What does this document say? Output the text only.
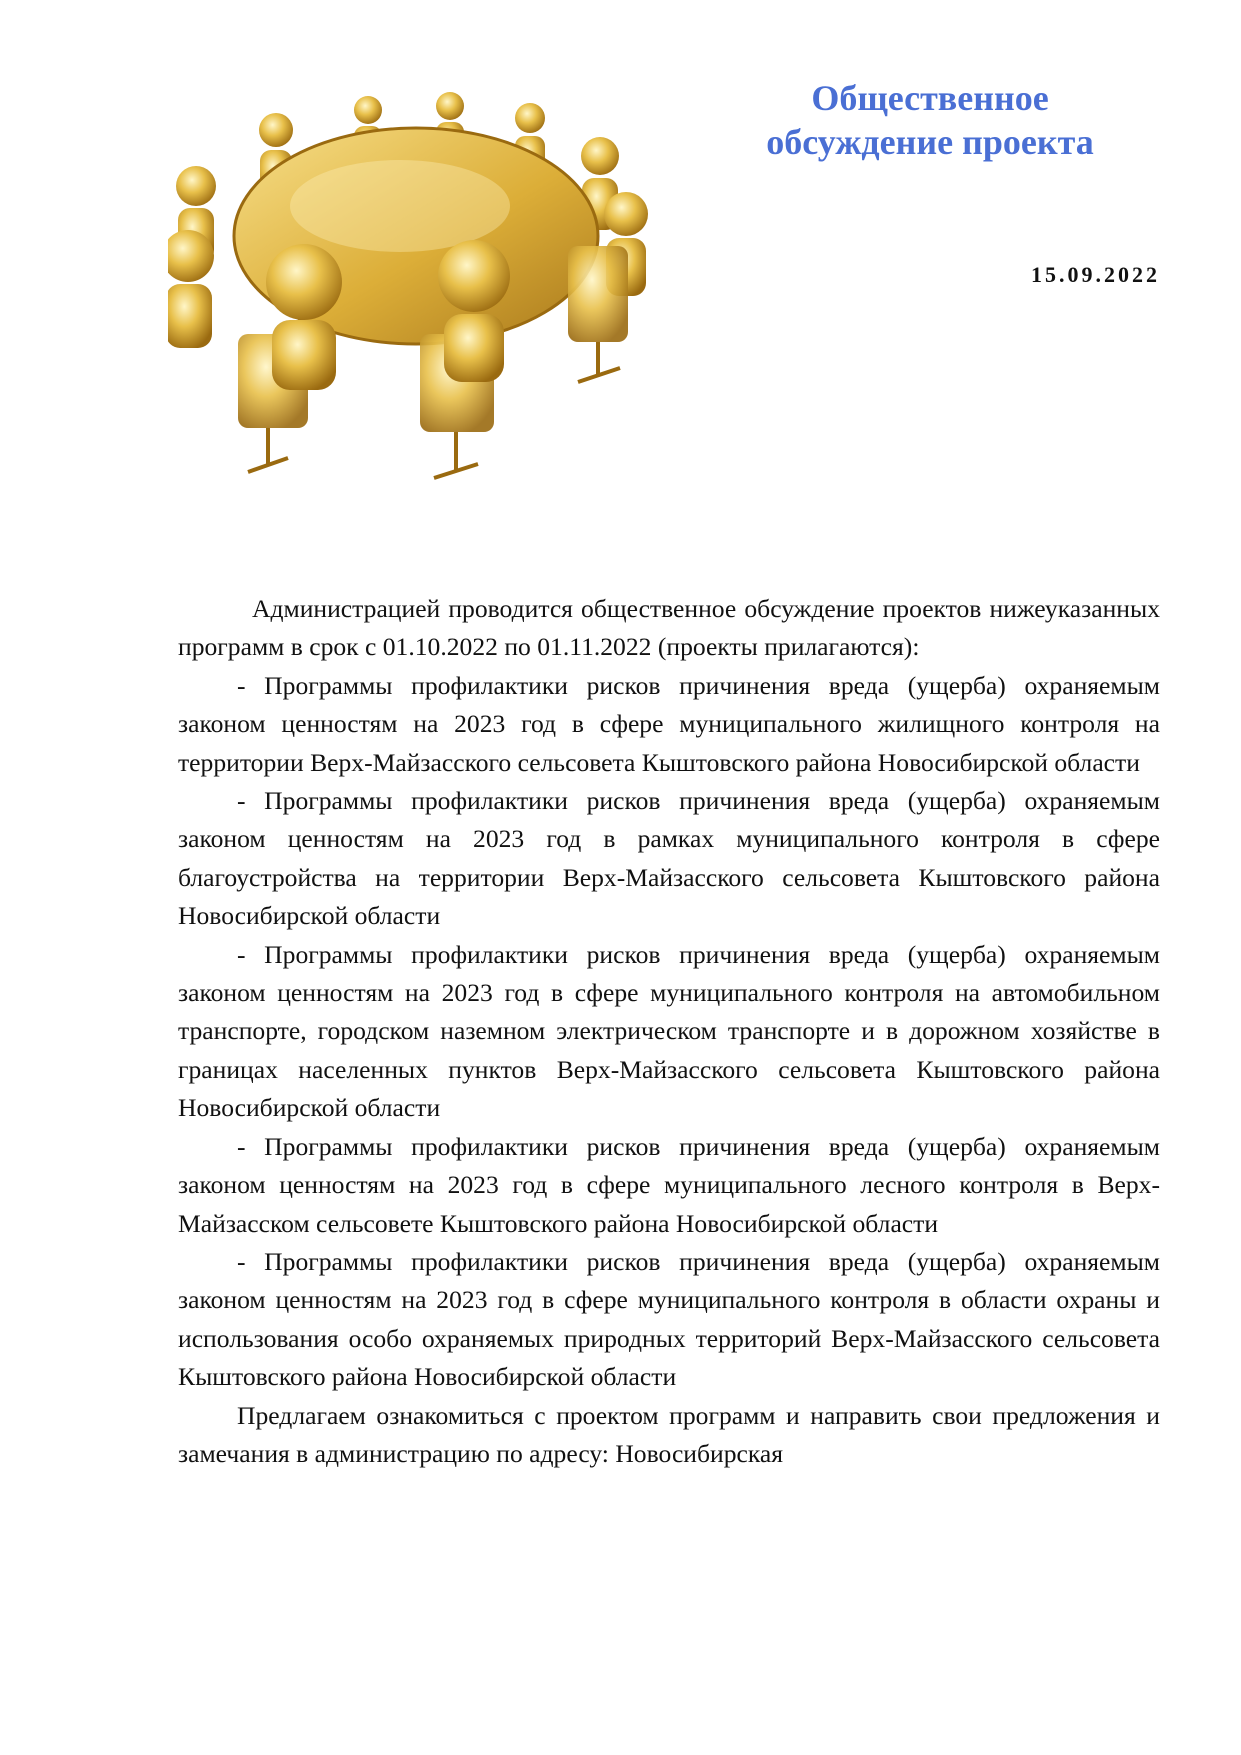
Общественное
обсуждение проекта
15.09.2022

Администрацией проводится общественное обсуждение проектов нижеуказанных программ в срок с 01.10.2022 по 01.11.2022 (проекты прилагаются):

- Программы профилактики рисков причинения вреда (ущерба) охраняемым законом ценностям на 2023 год в сфере муниципального жилищного контроля на территории Верх-Майзасского сельсовета Кыштовского района Новосибирской области

- Программы профилактики рисков причинения вреда (ущерба) охраняемым законом ценностям на 2023 год в рамках муниципального контроля в сфере благоустройства на территории Верх-Майзасского сельсовета Кыштовского района Новосибирской области

- Программы профилактики рисков причинения вреда (ущерба) охраняемым законом ценностям на 2023 год в сфере муниципального контроля на автомобильном транспорте, городском наземном электрическом транспорте и в дорожном хозяйстве в границах населенных пунктов Верх-Майзасского сельсовета Кыштовского района Новосибирской области

- Программы профилактики рисков причинения вреда (ущерба) охраняемым законом ценностям на 2023 год в сфере муниципального лесного контроля в Верх-Майзасском сельсовете Кыштовского района Новосибирской области

- Программы профилактики рисков причинения вреда (ущерба) охраняемым законом ценностям на 2023 год в сфере муниципального контроля в области охраны и использования особо охраняемых природных территорий Верх-Майзасского сельсовета Кыштовского района Новосибирской области

Предлагаем ознакомиться с проектом программ и направить свои предложения и замечания в администрацию по адресу: Новосибирская
